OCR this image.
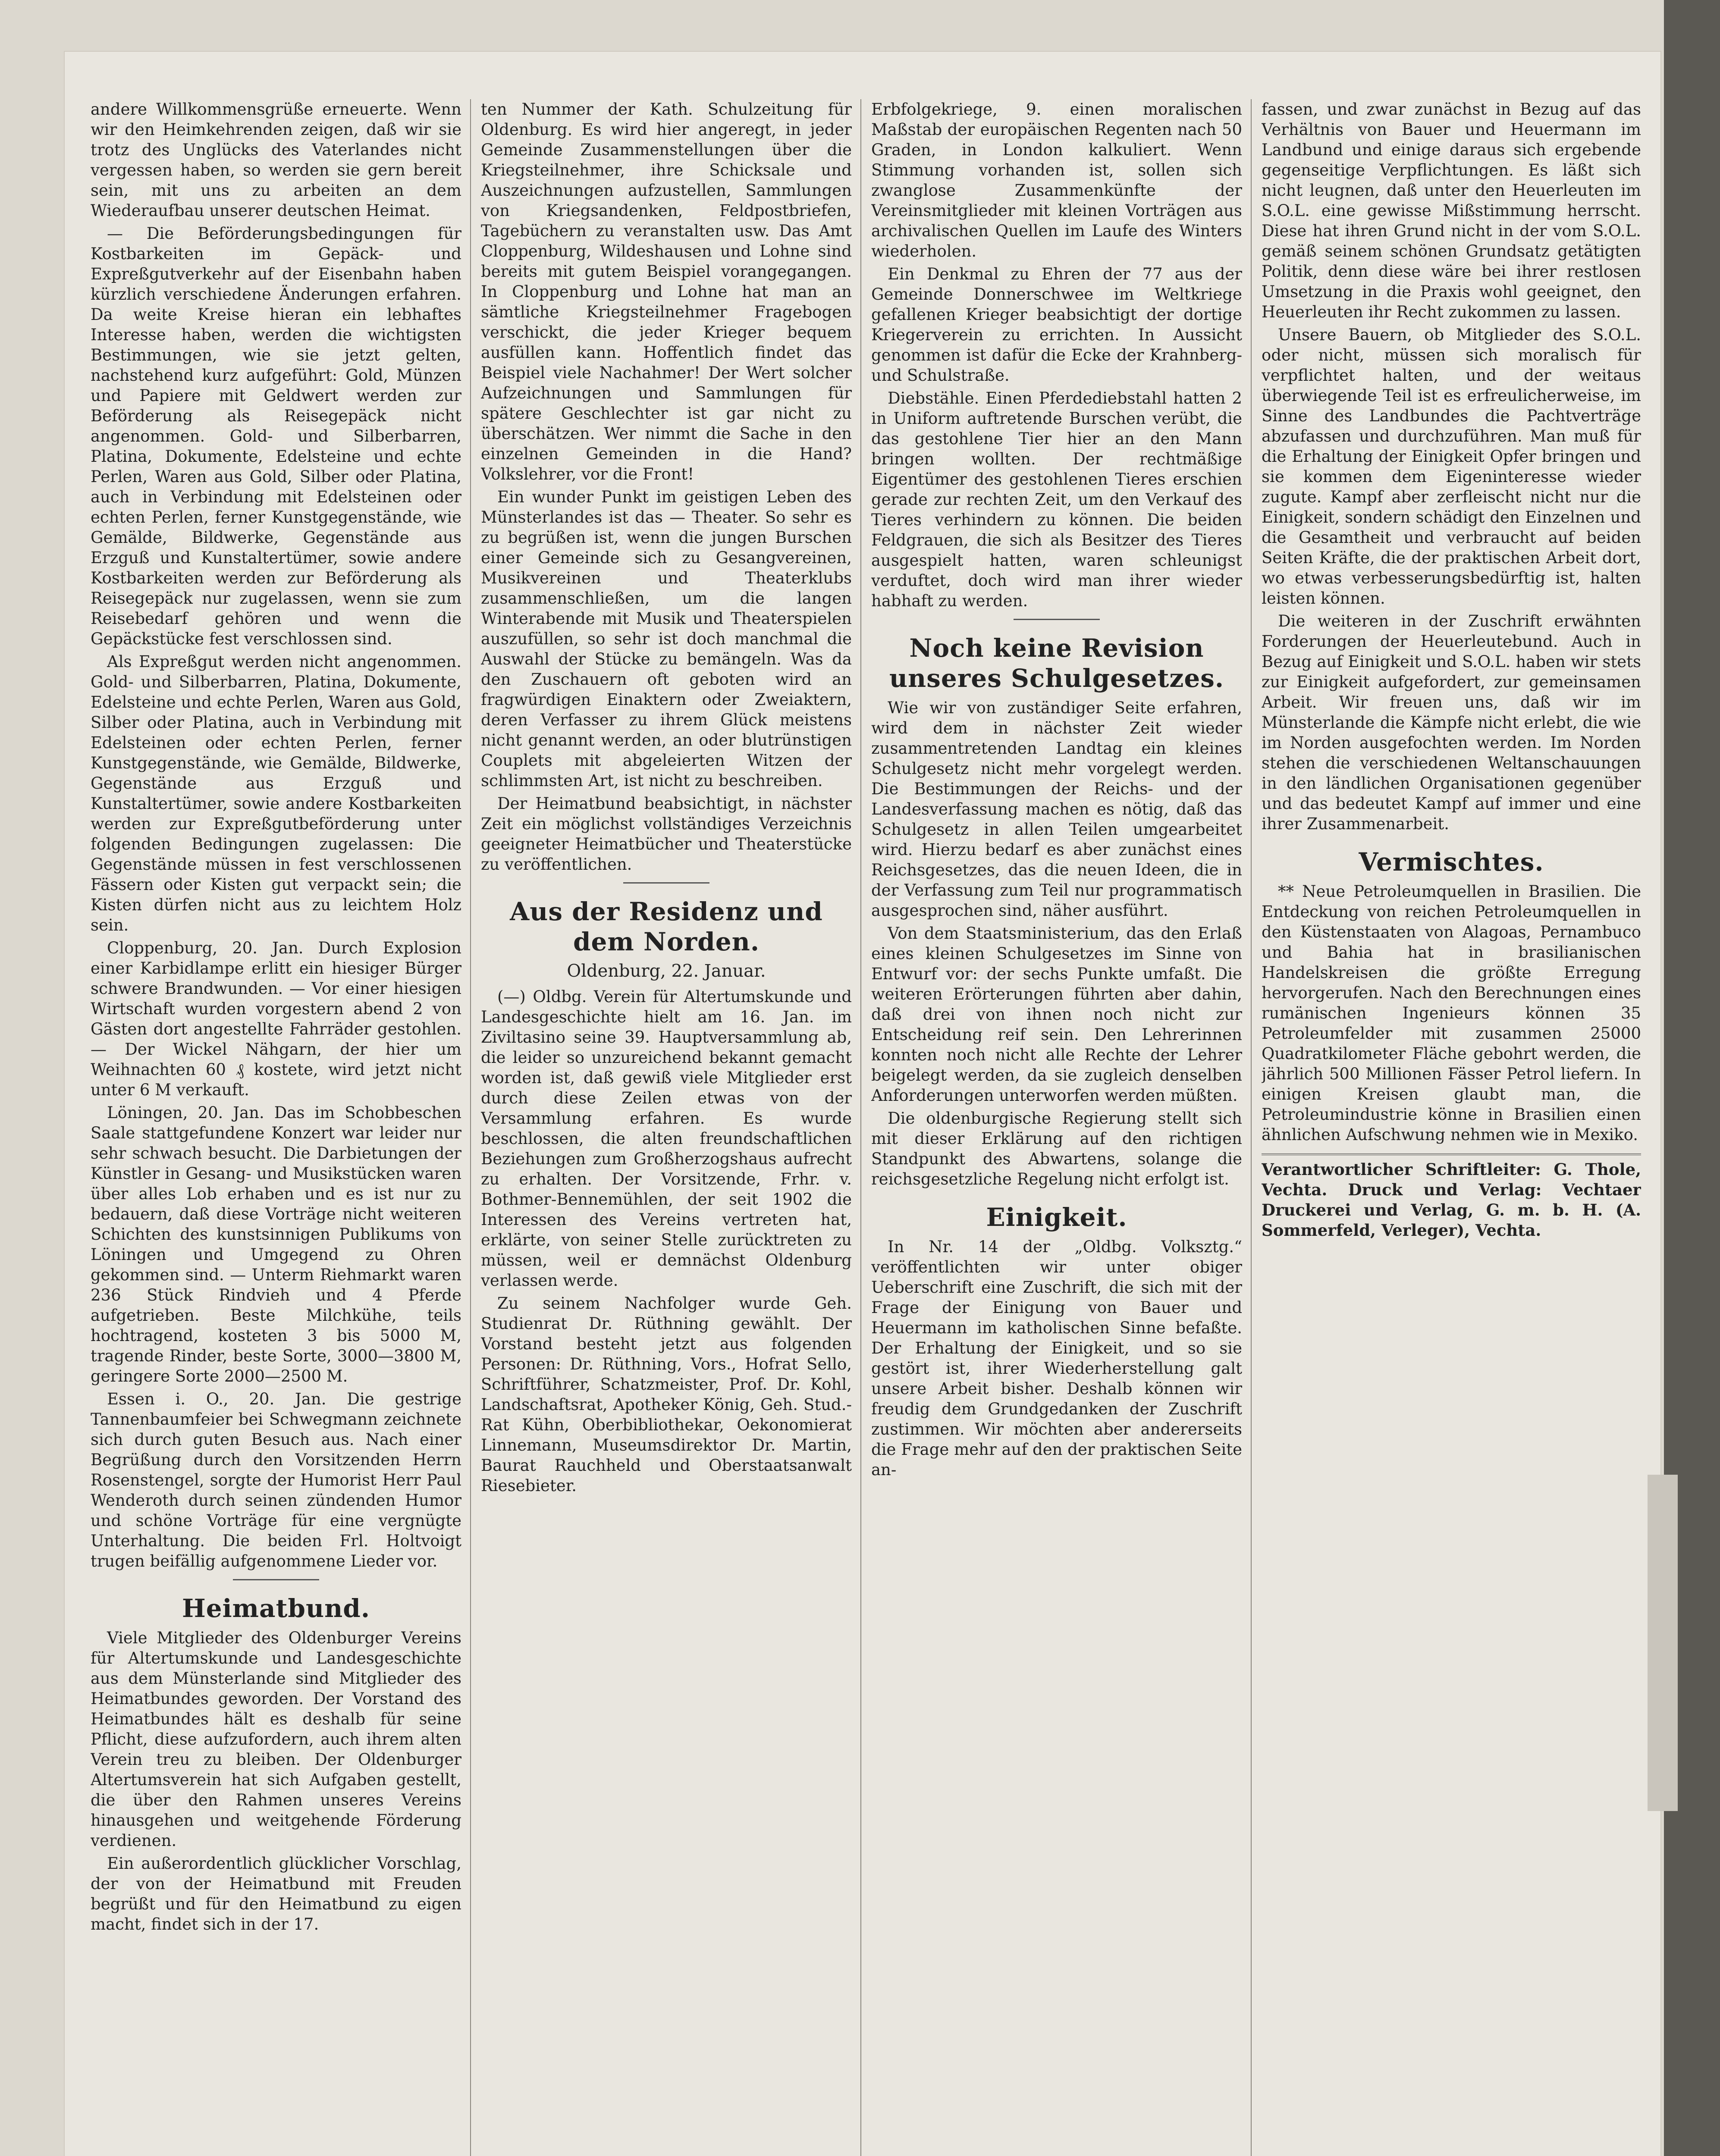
andere Willkommensgrüße erneuerte. Wenn wir den Heimkehrenden zeigen, daß wir sie trotz des Unglücks des Vaterlandes nicht vergessen haben, so werden sie gern bereit sein, mit uns zu arbeiten an dem Wiederaufbau unserer deutschen Heimat.

— Die Beförderungsbedingungen für Kostbarkeiten im Gepäck- und Expreßgutverkehr auf der Eisenbahn haben kürzlich verschiedene Änderungen erfahren. Da weite Kreise hieran ein lebhaftes Interesse haben, werden die wichtigsten Bestimmungen, wie sie jetzt gelten, nachstehend kurz aufgeführt: Gold, Münzen und Papiere mit Geldwert werden zur Beförderung als Reisegepäck nicht angenommen. Gold- und Silberbarren, Platina, Dokumente, Edelsteine und echte Perlen, Waren aus Gold, Silber oder Platina, auch in Verbindung mit Edelsteinen oder echten Perlen, ferner Kunstgegenstände, wie Gemälde, Bildwerke, Gegenstände aus Erzguß und Kunstaltertümer, sowie andere Kostbarkeiten werden zur Beförderung als Reisegepäck nur zugelassen, wenn sie zum Reisebedarf gehören und wenn die Gepäckstücke fest verschlossen sind.

Als Expreßgut werden nicht angenommen. Gold- und Silberbarren, Platina, Dokumente, Edelsteine und echte Perlen, Waren aus Gold, Silber oder Platina, auch in Verbindung mit Edelsteinen oder echten Perlen, ferner Kunstgegenstände, wie Gemälde, Bildwerke, Gegenstände aus Erzguß und Kunstaltertümer, sowie andere Kostbarkeiten werden zur Expreßgutbeförderung unter folgenden Bedingungen zugelassen: Die Gegenstände müssen in fest verschlossenen Fässern oder Kisten gut verpackt sein; die Kisten dürfen nicht aus zu leichtem Holz sein.

Cloppenburg, 20. Jan. Durch Explosion einer Karbidlampe erlitt ein hiesiger Bürger schwere Brandwunden. — Vor einer hiesigen Wirtschaft wurden vorgestern abend 2 von Gästen dort angestellte Fahrräder gestohlen. — Der Wickel Nähgarn, der hier um Weihnachten 60 ₰ kostete, wird jetzt nicht unter 6 M verkauft.

Löningen, 20. Jan. Das im Schobbeschen Saale stattgefundene Konzert war leider nur sehr schwach besucht. Die Darbietungen der Künstler in Gesang- und Musikstücken waren über alles Lob erhaben und es ist nur zu bedauern, daß diese Vorträge nicht weiteren Schichten des kunstsinnigen Publikums von Löningen und Umgegend zu Ohren gekommen sind. — Unterm Riehmarkt waren 236 Stück Rindvieh und 4 Pferde aufgetrieben. Beste Milchkühe, teils hochtragend, kosteten 3 bis 5000 M, tragende Rinder, beste Sorte, 3000—3800 M, geringere Sorte 2000—2500 M.

Essen i. O., 20. Jan. Die gestrige Tannenbaumfeier bei Schwegmann zeichnete sich durch guten Besuch aus. Nach einer Begrüßung durch den Vorsitzenden Herrn Rosenstengel, sorgte der Humorist Herr Paul Wenderoth durch seinen zündenden Humor und schöne Vorträge für eine vergnügte Unterhaltung. Die beiden Frl. Holtvoigt trugen beifällig aufgenommene Lieder vor.

Heimatbund.

Viele Mitglieder des Oldenburger Vereins für Altertumskunde und Landesgeschichte aus dem Münsterlande sind Mitglieder des Heimatbundes geworden. Der Vorstand des Heimatbundes hält es deshalb für seine Pflicht, diese aufzufordern, auch ihrem alten Verein treu zu bleiben. Der Oldenburger Altertumsverein hat sich Aufgaben gestellt, die über den Rahmen unseres Vereins hinausgehen und weitgehende Förderung verdienen.

Ein außerordentlich glücklicher Vorschlag, der von der Heimatbund mit Freuden begrüßt und für den Heimatbund zu eigen macht, findet sich in der 17.

ten Nummer der Kath. Schulzeitung für Oldenburg. Es wird hier angeregt, in jeder Gemeinde Zusammenstellungen über die Kriegsteilnehmer, ihre Schicksale und Auszeichnungen aufzustellen, Sammlungen von Kriegsandenken, Feldpostbriefen, Tagebüchern zu veranstalten usw. Das Amt Cloppenburg, Wildeshausen und Lohne sind bereits mit gutem Beispiel vorangegangen. In Cloppenburg und Lohne hat man an sämtliche Kriegsteilnehmer Fragebogen verschickt, die jeder Krieger bequem ausfüllen kann. Hoffentlich findet das Beispiel viele Nachahmer! Der Wert solcher Aufzeichnungen und Sammlungen für spätere Geschlechter ist gar nicht zu überschätzen. Wer nimmt die Sache in den einzelnen Gemeinden in die Hand? Volkslehrer, vor die Front!

Ein wunder Punkt im geistigen Leben des Münsterlandes ist das — Theater. So sehr es zu begrüßen ist, wenn die jungen Burschen einer Gemeinde sich zu Gesangvereinen, Musikvereinen und Theaterklubs zusammenschließen, um die langen Winterabende mit Musik und Theaterspielen auszufüllen, so sehr ist doch manchmal die Auswahl der Stücke zu bemängeln. Was da den Zuschauern oft geboten wird an fragwürdigen Einaktern oder Zweiaktern, deren Verfasser zu ihrem Glück meistens nicht genannt werden, an oder blutrünstigen Couplets mit abgeleierten Witzen der schlimmsten Art, ist nicht zu beschreiben.

Der Heimatbund beabsichtigt, in nächster Zeit ein möglichst vollständiges Verzeichnis geeigneter Heimatbücher und Theaterstücke zu veröffentlichen.

Aus der Residenz und dem Norden.
Oldenburg, 22. Januar.

(—) Oldbg. Verein für Altertumskunde und Landesgeschichte hielt am 16. Jan. im Ziviltasino seine 39. Hauptversammlung ab, die leider so unzureichend bekannt gemacht worden ist, daß gewiß viele Mitglieder erst durch diese Zeilen etwas von der Versammlung erfahren. Es wurde beschlossen, die alten freundschaftlichen Beziehungen zum Großherzogshaus aufrecht zu erhalten. Der Vorsitzende, Frhr. v. Bothmer-Bennemühlen, der seit 1902 die Interessen des Vereins vertreten hat, erklärte, von seiner Stelle zurücktreten zu müssen, weil er demnächst Oldenburg verlassen werde.

Zu seinem Nachfolger wurde Geh. Studienrat Dr. Rüthning gewählt. Der Vorstand besteht jetzt aus folgenden Personen: Dr. Rüthning, Vors., Hofrat Sello, Schriftführer, Schatzmeister, Prof. Dr. Kohl, Landschaftsrat, Apotheker König, Geh. Stud.-Rat Kühn, Oberbibliothekar, Oekonomierat Linnemann, Museumsdirektor Dr. Martin, Baurat Rauchheld und Oberstaatsanwalt Riesebieter.

Erbfolgekriege, 9. einen moralischen Maßstab der europäischen Regenten nach 50 Graden, in London kalkuliert. Wenn Stimmung vorhanden ist, sollen sich zwanglose Zusammenkünfte der Vereinsmitglieder mit kleinen Vorträgen aus archivalischen Quellen im Laufe des Winters wiederholen.

Ein Denkmal zu Ehren der 77 aus der Gemeinde Donnerschwee im Weltkriege gefallenen Krieger beabsichtigt der dortige Kriegerverein zu errichten. In Aussicht genommen ist dafür die Ecke der Krahnberg- und Schulstraße.

Diebstähle. Einen Pferdediebstahl hatten 2 in Uniform auftretende Burschen verübt, die das gestohlene Tier hier an den Mann bringen wollten. Der rechtmäßige Eigentümer des gestohlenen Tieres erschien gerade zur rechten Zeit, um den Verkauf des Tieres verhindern zu können. Die beiden Feldgrauen, die sich als Besitzer des Tieres ausgespielt hatten, waren schleunigst verduftet, doch wird man ihrer wieder habhaft zu werden.

Noch keine Revision unseres Schulgesetzes.

Wie wir von zuständiger Seite erfahren, wird dem in nächster Zeit wieder zusammentretenden Landtag ein kleines Schulgesetz nicht mehr vorgelegt werden. Die Bestimmungen der Reichs- und der Landesverfassung machen es nötig, daß das Schulgesetz in allen Teilen umgearbeitet wird. Hierzu bedarf es aber zunächst eines Reichsgesetzes, das die neuen Ideen, die in der Verfassung zum Teil nur programmatisch ausgesprochen sind, näher ausführt.

Von dem Staatsministerium, das den Erlaß eines kleinen Schulgesetzes im Sinne von Entwurf vor: der sechs Punkte umfaßt. Die weiteren Erörterungen führten aber dahin, daß drei von ihnen noch nicht zur Entscheidung reif sein. Den Lehrerinnen konnten noch nicht alle Rechte der Lehrer beigelegt werden, da sie zugleich denselben Anforderungen unterworfen werden müßten.

Die oldenburgische Regierung stellt sich mit dieser Erklärung auf den richtigen Standpunkt des Abwartens, solange die reichsgesetzliche Regelung nicht erfolgt ist.

Einigkeit.

In Nr. 14 der „Oldbg. Volksztg.“ veröffentlichten wir unter obiger Ueberschrift eine Zuschrift, die sich mit der Frage der Einigung von Bauer und Heuermann im katholischen Sinne befaßte. Der Erhaltung der Einigkeit, und so sie gestört ist, ihrer Wiederherstellung galt unsere Arbeit bisher. Deshalb können wir freudig dem Grundgedanken der Zuschrift zustimmen. Wir möchten aber andererseits die Frage mehr auf den der praktischen Seite an-

fassen, und zwar zunächst in Bezug auf das Verhältnis von Bauer und Heuermann im Landbund und einige daraus sich ergebende gegenseitige Verpflichtungen. Es läßt sich nicht leugnen, daß unter den Heuerleuten im S.O.L. eine gewisse Mißstimmung herrscht. Diese hat ihren Grund nicht in der vom S.O.L. gemäß seinem schönen Grundsatz getätigten Politik, denn diese wäre bei ihrer restlosen Umsetzung in die Praxis wohl geeignet, den Heuerleuten ihr Recht zukommen zu lassen.

Unsere Bauern, ob Mitglieder des S.O.L. oder nicht, müssen sich moralisch für verpflichtet halten, und der weitaus überwiegende Teil ist es erfreulicherweise, im Sinne des Landbundes die Pachtverträge abzufassen und durchzuführen. Man muß für die Erhaltung der Einigkeit Opfer bringen und sie kommen dem Eigeninteresse wieder zugute. Kampf aber zerfleischt nicht nur die Einigkeit, sondern schädigt den Einzelnen und die Gesamtheit und verbraucht auf beiden Seiten Kräfte, die der praktischen Arbeit dort, wo etwas verbesserungsbedürftig ist, halten leisten können.

Die weiteren in der Zuschrift erwähnten Forderungen der Heuerleutebund. Auch in Bezug auf Einigkeit und S.O.L. haben wir stets zur Einigkeit aufgefordert, zur gemeinsamen Arbeit. Wir freuen uns, daß wir im Münsterlande die Kämpfe nicht erlebt, die wie im Norden ausgefochten werden. Im Norden stehen die verschiedenen Weltanschauungen in den ländlichen Organisationen gegenüber und das bedeutet Kampf auf immer und eine ihrer Zusammenarbeit.

Vermischtes.

** Neue Petroleumquellen in Brasilien. Die Entdeckung von reichen Petroleumquellen in den Küstenstaaten von Alagoas, Pernambuco und Bahia hat in brasilianischen Handelskreisen die größte Erregung hervorgerufen. Nach den Berechnungen eines rumänischen Ingenieurs können 35 Petroleumfelder mit zusammen 25000 Quadratkilometer Fläche gebohrt werden, die jährlich 500 Millionen Fässer Petrol liefern. In einigen Kreisen glaubt man, die Petroleumindustrie könne in Brasilien einen ähnlichen Aufschwung nehmen wie in Mexiko.

Verantwortlicher Schriftleiter: G. Thole, Vechta. Druck und Verlag: Vechtaer Druckerei und Verlag, G. m. b. H. (A. Sommerfeld, Verleger), Vechta.
